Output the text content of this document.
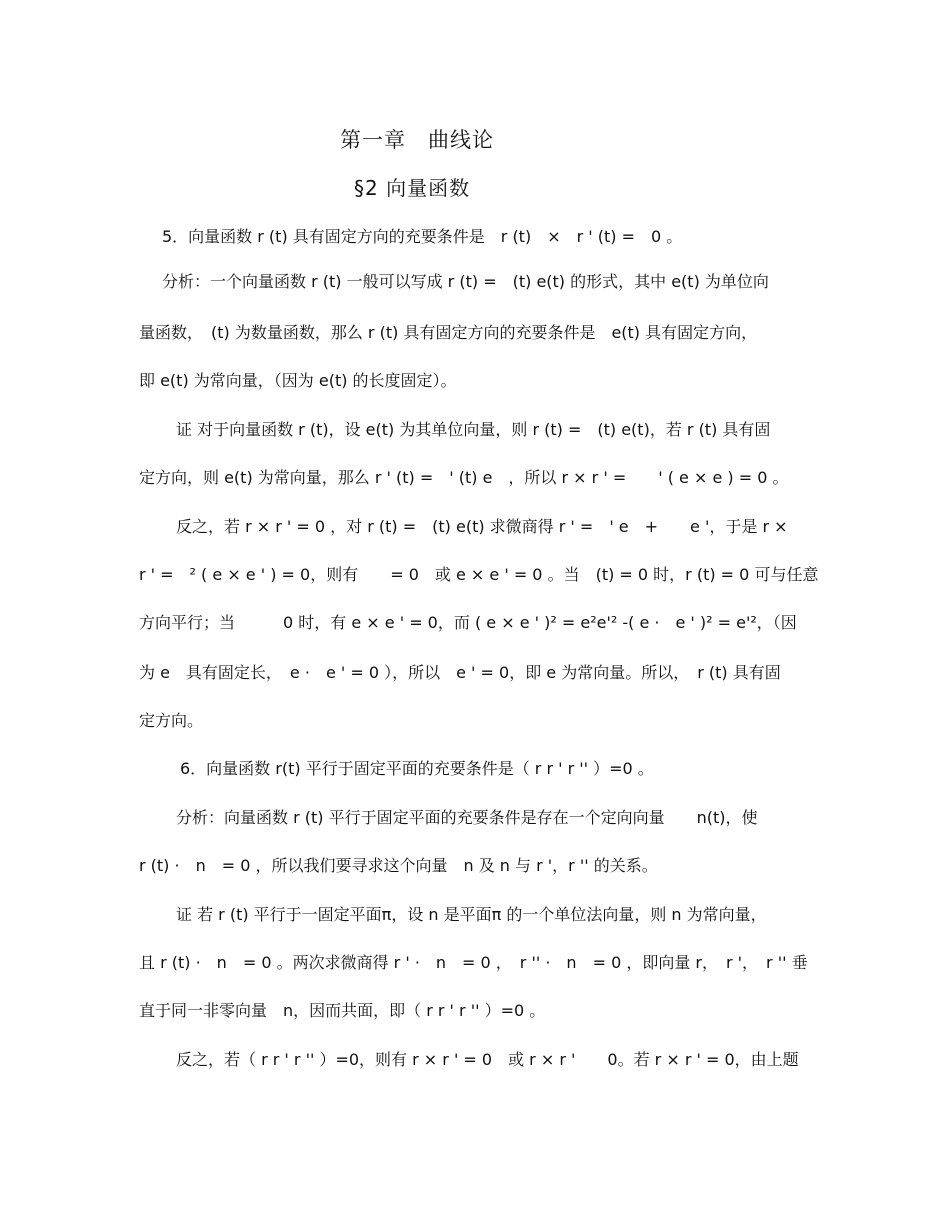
第一章　曲线论
§2 向量函数
5．向量函数 r (t) 具有固定方向的充要条件是　r (t)　×　r ' (t) =　0 。
分析：一个向量函数 r (t) 一般可以写成 r (t) =　(t) e(t) 的形式，其中 e(t) 为单位向
量函数，　(t) 为数量函数，那么 r (t) 具有固定方向的充要条件是　e(t) 具有固定方向，
即 e(t) 为常向量，（因为 e(t) 的长度固定）。
证 对于向量函数 r (t)，设 e(t) 为其单位向量，则 r (t) =　(t) e(t)，若 r (t) 具有固
定方向，则 e(t) 为常向量，那么 r ' (t) =　' (t) e　，所以 r × r ' =　　' ( e × e ) = 0 。
反之，若 r × r ' = 0 ，对 r (t) =　(t) e(t) 求微商得 r ' =　' e　+　　e '，于是 r ×
r ' =　² ( e × e ' ) = 0，则有　　= 0　或 e × e ' = 0 。当　(t) = 0 时，r (t) = 0 可与任意
方向平行；当　　　0 时，有 e × e ' = 0，而 ( e × e ' )² = e²e'² -( e ·　e ' )² = e'²，（因
为 e　具有固定长，　e ·　e ' = 0 ），所以　e ' = 0，即 e 为常向量。所以，　r (t) 具有固
定方向。
6．向量函数 r(t) 平行于固定平面的充要条件是（ r r ' r '' ）=0 。
分析：向量函数 r (t) 平行于固定平面的充要条件是存在一个定向向量　　n(t)，使
r (t) ·　n　= 0 ，所以我们要寻求这个向量　n 及 n 与 r '，r '' 的关系。
证 若 r (t) 平行于一固定平面π，设 n 是平面π 的一个单位法向量，则 n 为常向量，
且 r (t) ·　n　= 0 。两次求微商得 r ' ·　n　= 0 ，　r '' ·　n　= 0 ，即向量 r，　r '，　r '' 垂
直于同一非零向量　n，因而共面，即（ r r ' r '' ）=0 。
反之，若（ r r ' r '' ）=0，则有 r × r ' = 0　或 r × r '　　0。若 r × r ' = 0，由上题
